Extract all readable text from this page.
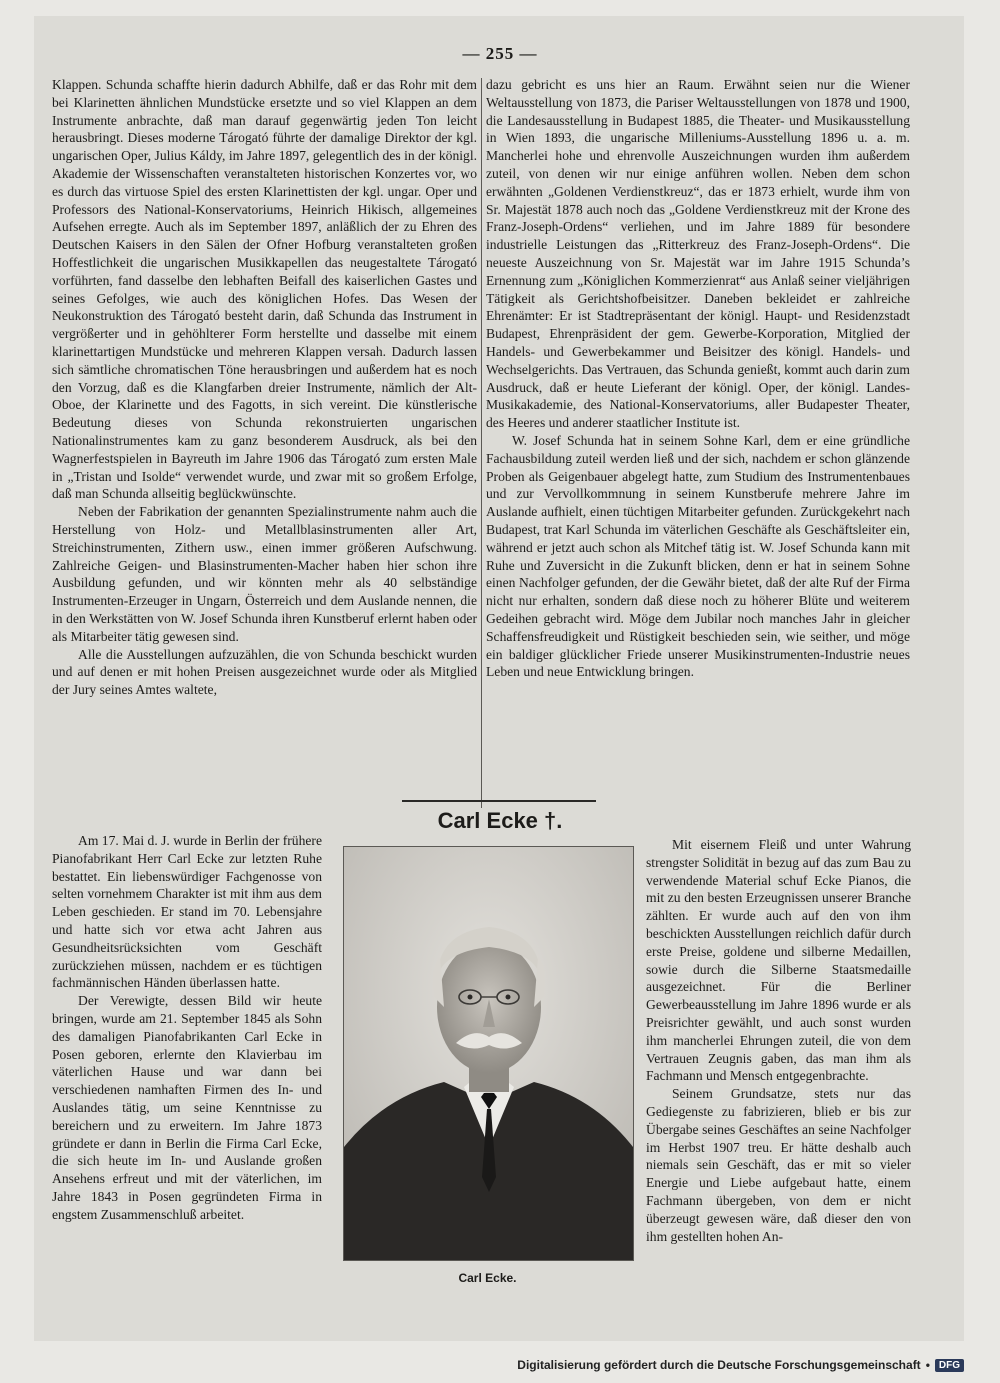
— 255 —

Klappen. Schunda schaffte hierin dadurch Abhilfe, daß er das Rohr mit dem bei Klarinetten ähnlichen Mundstücke ersetzte und so viel Klappen an dem Instrumente anbrachte, daß man darauf gegenwärtig jeden Ton leicht herausbringt. Dieses moderne Tárogató führte der damalige Direktor der kgl. ungarischen Oper, Julius Káldy, im Jahre 1897, gelegentlich des in der königl. Akademie der Wissenschaften veranstalteten historischen Konzertes vor, wo es durch das virtuose Spiel des ersten Klarinettisten der kgl. ungar. Oper und Professors des National-Konservatoriums, Heinrich Hikisch, allgemeines Aufsehen erregte. Auch als im September 1897, anläßlich der zu Ehren des Deutschen Kaisers in den Sälen der Ofner Hofburg veranstalteten großen Hoffestlichkeit die ungarischen Musikkapellen das neugestaltete Tárogató vorführten, fand dasselbe den lebhaften Beifall des kaiserlichen Gastes und seines Gefolges, wie auch des königlichen Hofes. Das Wesen der Neukonstruktion des Tárogató besteht darin, daß Schunda das Instrument in vergrößerter und in gehöhlterer Form herstellte und dasselbe mit einem klarinettartigen Mundstücke und mehreren Klappen versah. Dadurch lassen sich sämtliche chromatischen Töne herausbringen und außerdem hat es noch den Vorzug, daß es die Klangfarben dreier Instrumente, nämlich der Alt-Oboe, der Klarinette und des Fagotts, in sich vereint. Die künstlerische Bedeutung dieses von Schunda rekonstruierten ungarischen Nationalinstrumentes kam zu ganz besonderem Ausdruck, als bei den Wagnerfestspielen in Bayreuth im Jahre 1906 das Tárogató zum ersten Male in „Tristan und Isolde“ verwendet wurde, und zwar mit so großem Erfolge, daß man Schunda allseitig beglückwünschte.

Neben der Fabrikation der genannten Spezialinstrumente nahm auch die Herstellung von Holz- und Metallblasinstrumenten aller Art, Streichinstrumenten, Zithern usw., einen immer größeren Aufschwung. Zahlreiche Geigen- und Blasinstrumenten-Macher haben hier schon ihre Ausbildung gefunden, und wir könnten mehr als 40 selbständige Instrumenten-Erzeuger in Ungarn, Österreich und dem Auslande nennen, die in den Werkstätten von W. Josef Schunda ihren Kunstberuf erlernt haben oder als Mitarbeiter tätig gewesen sind.

Alle die Ausstellungen aufzuzählen, die von Schunda beschickt wurden und auf denen er mit hohen Preisen ausgezeichnet wurde oder als Mitglied der Jury seines Amtes waltete,

dazu gebricht es uns hier an Raum. Erwähnt seien nur die Wiener Weltausstellung von 1873, die Pariser Weltausstellungen von 1878 und 1900, die Landesausstellung in Budapest 1885, die Theater- und Musikausstellung in Wien 1893, die ungarische Milleniums-Ausstellung 1896 u. a. m. Mancherlei hohe und ehrenvolle Auszeichnungen wurden ihm außerdem zuteil, von denen wir nur einige anführen wollen. Neben dem schon erwähnten „Goldenen Verdienstkreuz“, das er 1873 erhielt, wurde ihm von Sr. Majestät 1878 auch noch das „Goldene Verdienstkreuz mit der Krone des Franz-Joseph-Ordens“ verliehen, und im Jahre 1889 für besondere industrielle Leistungen das „Ritterkreuz des Franz-Joseph-Ordens“. Die neueste Auszeichnung von Sr. Majestät war im Jahre 1915 Schunda’s Ernennung zum „Königlichen Kommerzienrat“ aus Anlaß seiner vieljährigen Tätigkeit als Gerichtshofbeisitzer. Daneben bekleidet er zahlreiche Ehrenämter: Er ist Stadtrepräsentant der königl. Haupt- und Residenzstadt Budapest, Ehrenpräsident der gem. Gewerbe-Korporation, Mitglied der Handels- und Gewerbekammer und Beisitzer des königl. Handels- und Wechselgerichts. Das Vertrauen, das Schunda genießt, kommt auch darin zum Ausdruck, daß er heute Lieferant der königl. Oper, der königl. Landes-Musikakademie, des National-Konservatoriums, aller Budapester Theater, des Heeres und anderer staatlicher Institute ist.

W. Josef Schunda hat in seinem Sohne Karl, dem er eine gründliche Fachausbildung zuteil werden ließ und der sich, nachdem er schon glänzende Proben als Geigenbauer abgelegt hatte, zum Studium des Instrumentenbaues und zur Vervollkommnung in seinem Kunstberufe mehrere Jahre im Auslande aufhielt, einen tüchtigen Mitarbeiter gefunden. Zurückgekehrt nach Budapest, trat Karl Schunda im väterlichen Geschäfte als Geschäftsleiter ein, während er jetzt auch schon als Mitchef tätig ist. W. Josef Schunda kann mit Ruhe und Zuversicht in die Zukunft blicken, denn er hat in seinem Sohne einen Nachfolger gefunden, der die Gewähr bietet, daß der alte Ruf der Firma nicht nur erhalten, sondern daß diese noch zu höherer Blüte und weiterem Gedeihen gebracht wird. Möge dem Jubilar noch manches Jahr in gleicher Schaffensfreudigkeit und Rüstigkeit beschieden sein, wie seither, und möge ein baldiger glücklicher Friede unserer Musikinstrumenten-Industrie neues Leben und neue Entwicklung bringen.

Carl Ecke †.

Am 17. Mai d. J. wurde in Berlin der frühere Pianofabrikant Herr Carl Ecke zur letzten Ruhe bestattet. Ein liebenswürdiger Fachgenosse von selten vornehmem Charakter ist mit ihm aus dem Leben geschieden. Er stand im 70. Lebensjahre und hatte sich vor etwa acht Jahren aus Gesundheitsrücksichten vom Geschäft zurückziehen müssen, nachdem er es tüchtigen fachmännischen Händen überlassen hatte.

Der Verewigte, dessen Bild wir heute bringen, wurde am 21. September 1845 als Sohn des damaligen Pianofabrikanten Carl Ecke in Posen geboren, erlernte den Klavierbau im väterlichen Hause und war dann bei verschiedenen namhaften Firmen des In- und Auslandes tätig, um seine Kenntnisse zu bereichern und zu erweitern. Im Jahre 1873 gründete er dann in Berlin die Firma Carl Ecke, die sich heute im In- und Auslande großen Ansehens erfreut und mit der väterlichen, im Jahre 1843 in Posen gegründeten Firma in engstem Zusammenschluß arbeitet.

Carl Ecke.

Mit eisernem Fleiß und unter Wahrung strengster Solidität in bezug auf das zum Bau zu verwendende Material schuf Ecke Pianos, die mit zu den besten Erzeugnissen unserer Branche zählten. Er wurde auch auf den von ihm beschickten Ausstellungen reichlich dafür durch erste Preise, goldene und silberne Medaillen, sowie durch die Silberne Staatsmedaille ausgezeichnet. Für die Berliner Gewerbeausstellung im Jahre 1896 wurde er als Preisrichter gewählt, und auch sonst wurden ihm mancherlei Ehrungen zuteil, die von dem Vertrauen Zeugnis gaben, das man ihm als Fachmann und Mensch entgegenbrachte.

Seinem Grundsatze, stets nur das Gediegenste zu fabrizieren, blieb er bis zur Übergabe seines Geschäftes an seine Nachfolger im Herbst 1907 treu. Er hätte deshalb auch niemals sein Geschäft, das er mit so vieler Energie und Liebe aufgebaut hatte, einem Fachmann übergeben, von dem er nicht überzeugt gewesen wäre, daß dieser den von ihm gestellten hohen An-

Digitalisierung gefördert durch die Deutsche Forschungsgemeinschaft • DFG
